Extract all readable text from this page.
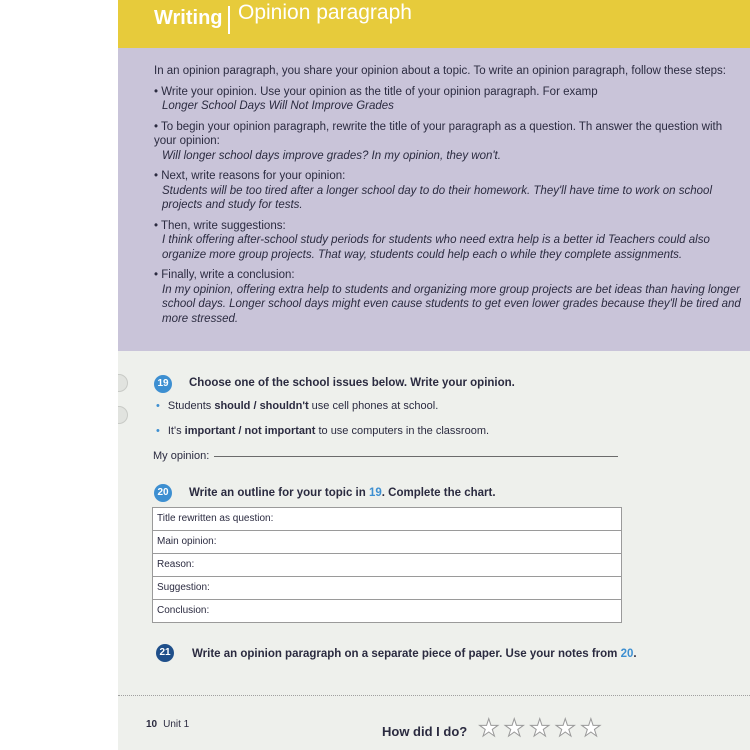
Writing Opinion paragraph

In an opinion paragraph, you share your opinion about a topic. To write an opinion paragraph, follow these steps:

• Write your opinion. Use your opinion as the title of your opinion paragraph. For examp
Longer School Days Will Not Improve Grades
• To begin your opinion paragraph, rewrite the title of your paragraph as a question. Th answer the question with your opinion:
Will longer school days improve grades? In my opinion, they won't.
• Next, write reasons for your opinion:
Students will be too tired after a longer school day to do their homework. They'll have time to work on school projects and study for tests.
• Then, write suggestions:
I think offering after-school study periods for students who need extra help is a better id Teachers could also organize more group projects. That way, students could help each o while they complete assignments.
• Finally, write a conclusion:
In my opinion, offering extra help to students and organizing more group projects are bet ideas than having longer school days. Longer school days might even cause students to get even lower grades because they'll be tired and more stressed.
19 Choose one of the school issues below. Write your opinion.
• Students should / shouldn't use cell phones at school.
• It's important / not important to use computers in the classroom.
My opinion:
20 Write an outline for your topic in 19. Complete the chart.
Title rewritten as question:
Main opinion:
Reason:
Suggestion:
Conclusion:
21 Write an opinion paragraph on a separate piece of paper. Use your notes from 20.
10 Unit 1	How did I do? ★ ★ ★ ★ ★
